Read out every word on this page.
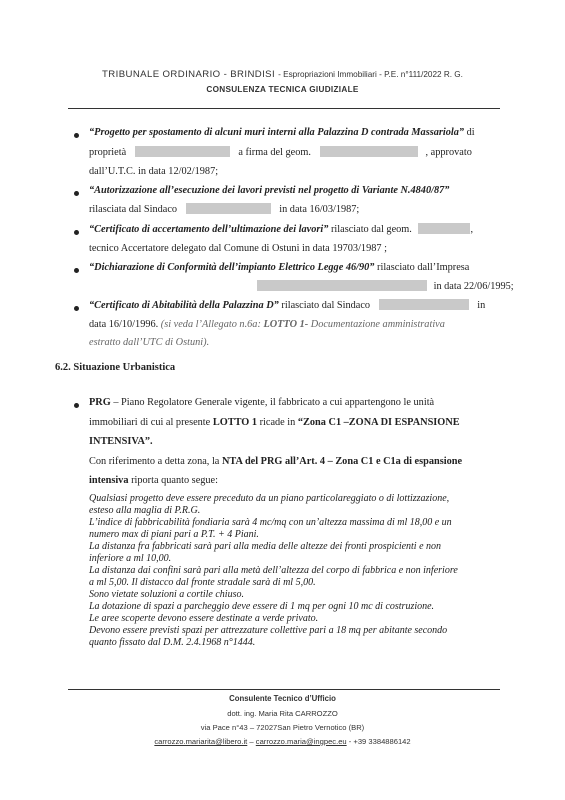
TRIBUNALE ORDINARIO - BRINDISI - Espropriazioni Immobiliari - P.E. n°111/2022 R. G.
CONSULENZA TECNICA GIUDIZIALE
“Progetto per spostamento di alcuni muri interni alla Palazzina D contrada Massariola” di
proprietà	a firma del geom.	, approvato
dall’U.T.C. in data 12/02/1987;
“Autorizzazione all’esecuzione dei lavori previsti nel progetto di Variante N.4840/87”
rilasciata dal Sindaco	in data 16/03/1987;
“Certificato di accertamento dell’ultimazione dei lavori” rilasciato dal geom.	,
tecnico Accertatore delegato dal Comune di Ostuni in data 19703/1987 ;
“Dichiarazione di Conformità dell’impianto Elettrico Legge 46/90” rilasciato dall’Impresa
in data 22/06/1995;
“Certificato di Abitabilità della Palazzina D” rilasciato dal Sindaco	in
data 16/10/1996. (si veda l’Allegato n.6a: LOTTO 1- Documentazione amministrativa
estratto dall’UTC di Ostuni).
6.2. Situazione Urbanistica
PRG – Piano Regolatore Generale vigente, il fabbricato a cui appartengono le unità
immobiliari di cui al presente LOTTO 1 ricade in “Zona C1 –ZONA DI ESPANSIONE
INTENSIVA”.
Con riferimento a detta zona, la NTA del PRG all’Art. 4 – Zona C1 e C1a di espansione
intensiva riporta quanto segue:
Qualsiasi progetto deve essere preceduto da un piano particolareggiato o di lottizzazione,
esteso alla maglia di P.R.G.
L’indice di fabbricabilità fondiaria sarà 4 mc/mq con un’altezza massima di ml 18,00 e un
numero max di piani pari a P.T. + 4 Piani.
La distanza fra fabbricati sarà pari alla media delle altezze dei fronti prospicienti e non
inferiore a ml 10,00.
La distanza dai confini sarà pari alla metà dell’altezza del corpo di fabbrica e non inferiore
a ml 5,00. Il distacco dal fronte stradale sarà di ml 5,00.
Sono vietate soluzioni a cortile chiuso.
La dotazione di spazi a parcheggio deve essere di 1 mq per ogni 10 mc di costruzione.
Le aree scoperte devono essere destinate a verde privato.
Devono essere previsti spazi per attrezzature collettive pari a 18 mq per abitante secondo
quanto fissato dal D.M. 2.4.1968 n°1444.
Consulente Tecnico d’Ufficio
dott. ing. Maria Rita CARROZZO
via Pace n°43 – 72027San Pietro Vernotico (BR)
carrozzo.mariarita@libero.it – carrozzo.maria@ingpec.eu - +39 3384886142
